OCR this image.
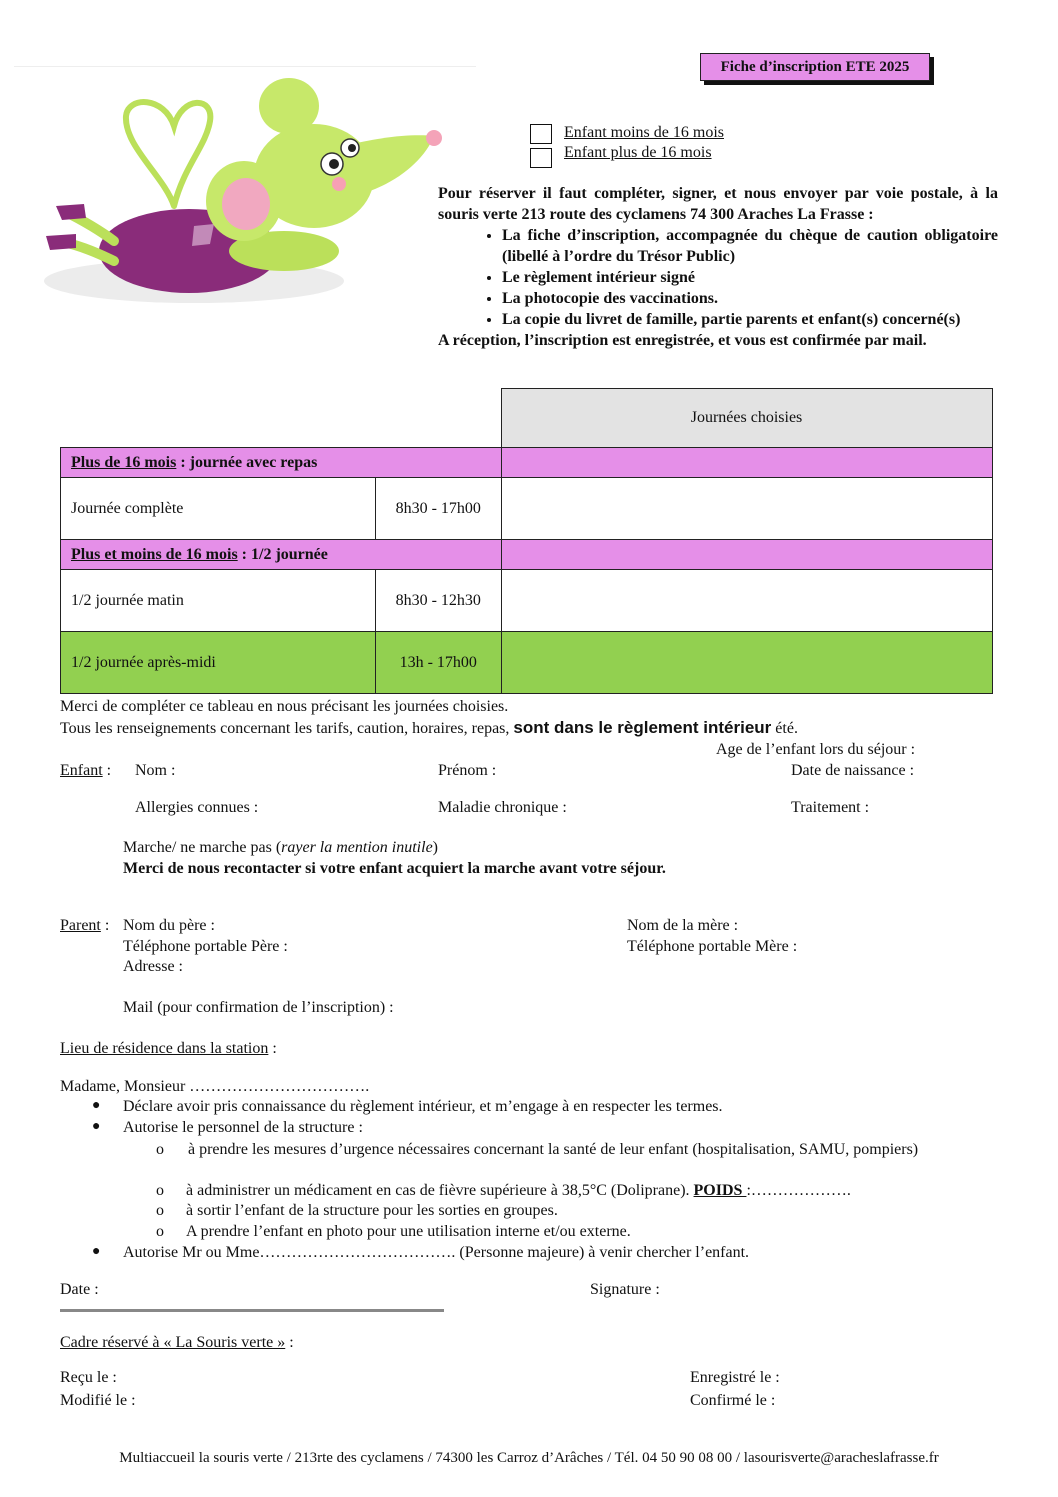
Fiche d’inscription ETE 2025
Enfant moins de 16 mois
Enfant plus de 16 mois
Pour réserver il faut compléter, signer, et nous envoyer par voie postale, à la souris verte 213 route des cyclamens 74 300 Araches La Frasse :
• La fiche d’inscription, accompagnée du chèque de caution obligatoire (libellé à l’ordre du Trésor Public)
• Le règlement intérieur signé
• La photocopie des vaccinations.
• La copie du livret de famille, partie parents et enfant(s) concerné(s)
A réception, l’inscription est enregistrée, et vous est confirmée par mail.
		Journées choisies
Plus de 16 mois : journée avec repas		
Journée complète	8h30 - 17h00	
Plus et moins de 16 mois : 1/2 journée		
1/2 journée matin	8h30 - 12h30	
1/2 journée après-midi	13h - 17h00	
Merci de compléter ce tableau en nous précisant les journées choisies.
Tous les renseignements concernant les tarifs, caution, horaires, repas, sont dans le règlement intérieur été.
Age de l’enfant lors du séjour :
Enfant : Nom :	Prénom :	Date de naissance :
Allergies connues :	Maladie chronique :	Traitement :
Marche/ ne marche pas (rayer la mention inutile)
Merci de nous recontacter si votre enfant acquiert la marche avant votre séjour.
Parent : Nom du père :	Nom de la mère :
Téléphone portable Père :	Téléphone portable Mère :
Adresse :
Mail (pour confirmation de l’inscription) :
Lieu de résidence dans la station :
Madame, Monsieur …………………………….
● Déclare avoir pris connaissance du règlement intérieur, et m’engage à en respecter les termes.
● Autorise le personnel de la structure :
o à prendre les mesures d’urgence nécessaires concernant la santé de leur enfant (hospitalisation, SAMU, pompiers)
o à administrer un médicament en cas de fièvre supérieure à 38,5°C (Doliprane). POIDS :……………….
o à sortir l’enfant de la structure pour les sorties en groupes.
o A prendre l’enfant en photo pour une utilisation interne et/ou externe.
● Autorise Mr ou Mme………………………………. (Personne majeure) à venir chercher l’enfant.
Date :	Signature :
Cadre réservé à « La Souris verte » :
Reçu le :	Enregistré le :
Modifié le :	Confirmé le :
Multiaccueil la souris verte / 213rte des cyclamens / 74300 les Carroz d’Arâches / Tél. 04 50 90 08 00 / lasourisverte@aracheslafrasse.fr
